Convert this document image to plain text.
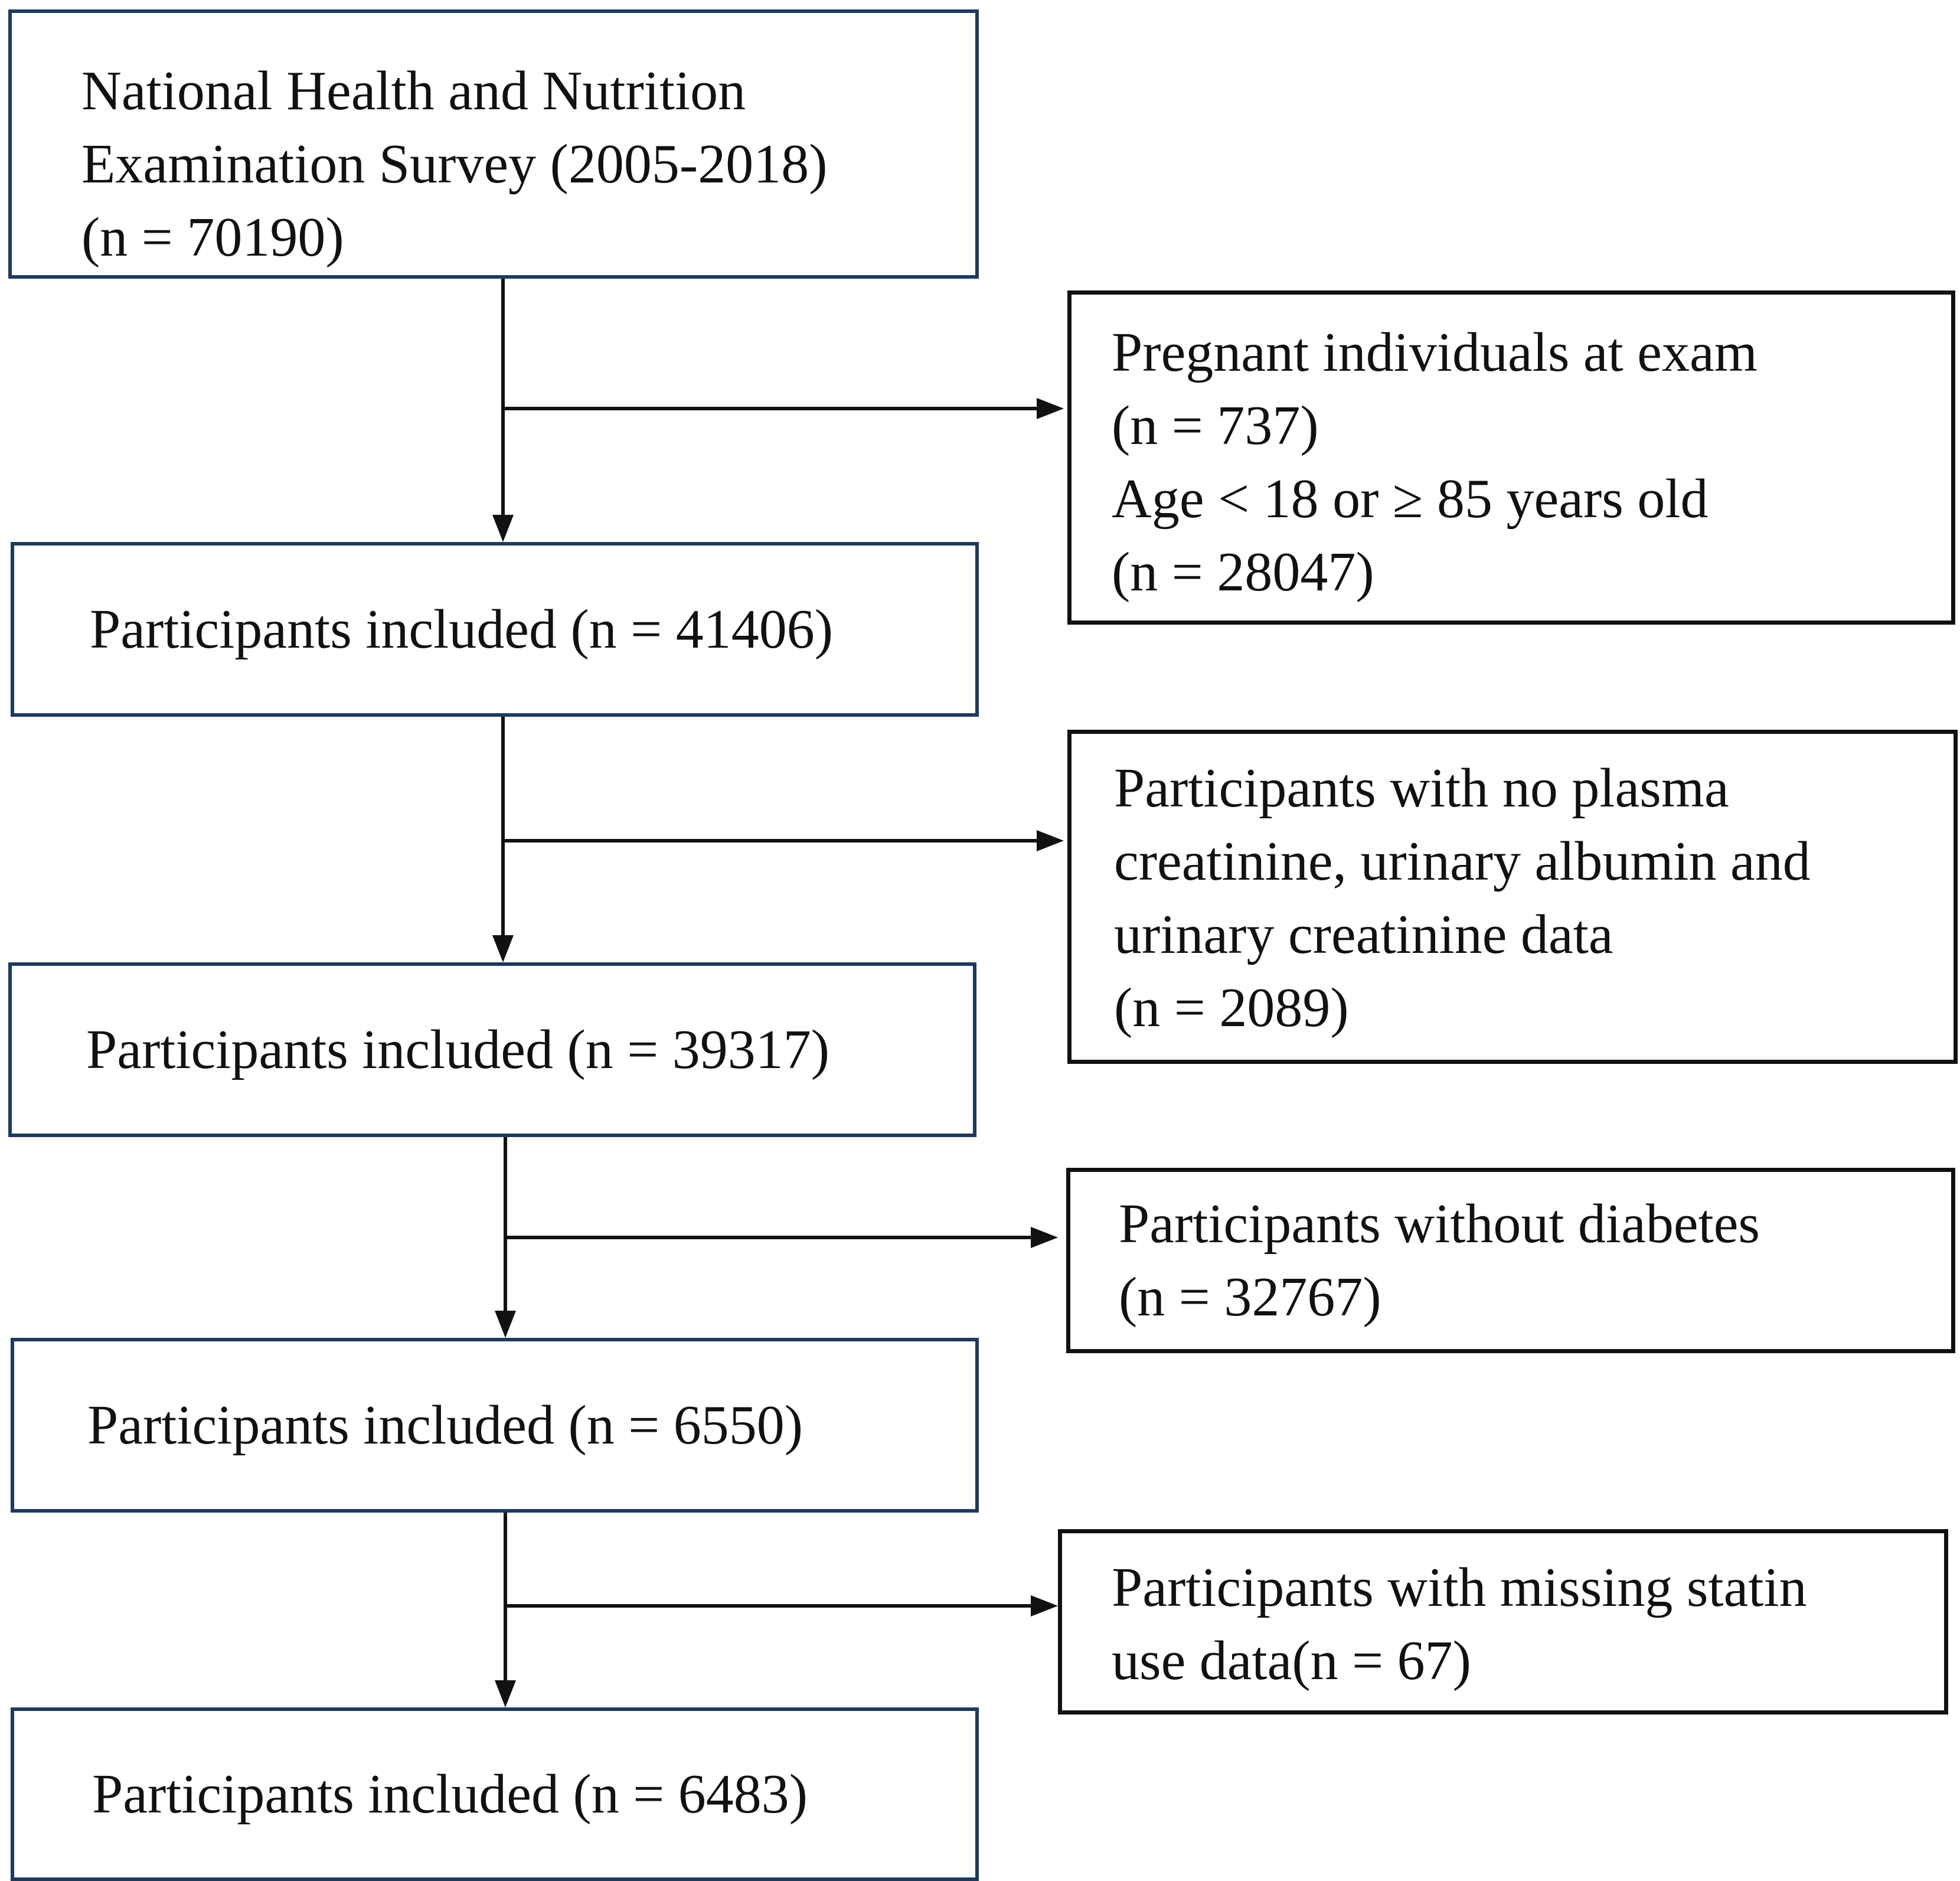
National Health and Nutrition
Examination Survey (2005-2018)
(n = 70190)
Participants included (n = 41406)
Participants included (n = 39317)
Participants included (n = 6550)
Participants included (n = 6483)
Pregnant individuals at exam
(n = 737)
Age < 18 or ≥ 85 years old
(n = 28047)
Participants with no plasma
creatinine, urinary albumin and
urinary creatinine data
(n = 2089)
Participants without diabetes
(n = 32767)
Participants with missing statin
use data(n = 67)
